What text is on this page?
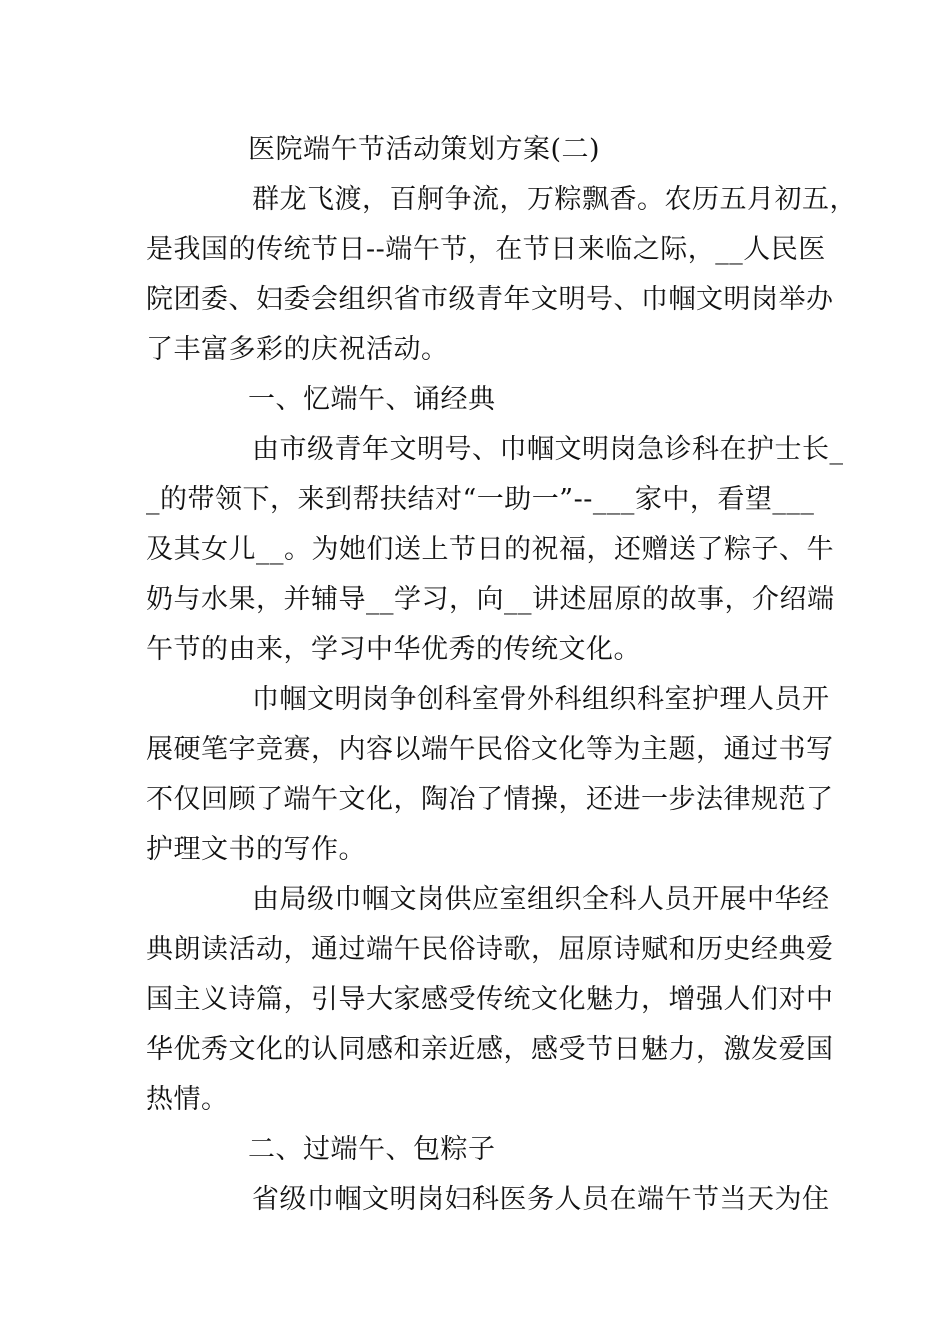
医院端午节活动策划方案(二)
群龙飞渡，百舸争流，万粽飘香。农历五月初五，
是我国的传统节日--端午节，在节日来临之际，__人民医
院团委、妇委会组织省市级青年文明号、巾帼文明岗举办
了丰富多彩的庆祝活动。
一、忆端午、诵经典
由市级青年文明号、巾帼文明岗急诊科在护士长_
_的带领下，来到帮扶结对“一助一”--___家中，看望___
及其女儿__。为她们送上节日的祝福，还赠送了粽子、牛
奶与水果，并辅导__学习，向__讲述屈原的故事，介绍端
午节的由来，学习中华优秀的传统文化。
巾帼文明岗争创科室骨外科组织科室护理人员开
展硬笔字竞赛，内容以端午民俗文化等为主题，通过书写
不仅回顾了端午文化，陶冶了情操，还进一步法律规范了
护理文书的写作。
由局级巾帼文岗供应室组织全科人员开展中华经
典朗读活动，通过端午民俗诗歌，屈原诗赋和历史经典爱
国主义诗篇，引导大家感受传统文化魅力，增强人们对中
华优秀文化的认同感和亲近感，感受节日魅力，激发爱国
热情。
二、过端午、包粽子
省级巾帼文明岗妇科医务人员在端午节当天为住
